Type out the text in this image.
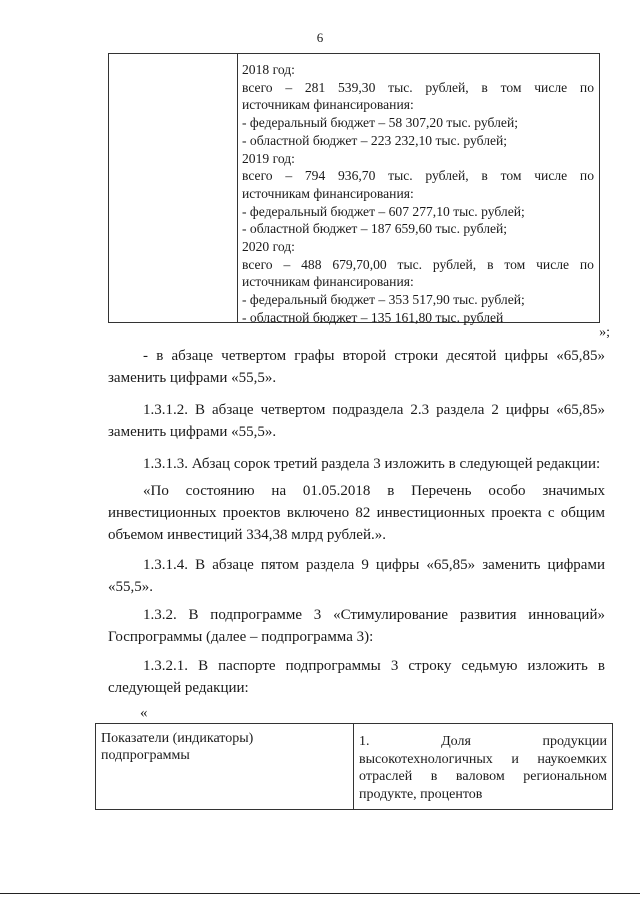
6
2018 год:
всего – 281 539,30 тыс. рублей, в том числе по
источникам финансирования:
- федеральный бюджет – 58 307,20 тыс. рублей;
- областной бюджет – 223 232,10 тыс. рублей;
2019 год:
всего – 794 936,70 тыс. рублей, в том числе по
источникам финансирования:
- федеральный бюджет – 607 277,10 тыс. рублей;
- областной бюджет – 187 659,60 тыс. рублей;
2020 год:
всего – 488 679,70,00 тыс. рублей, в том числе по
источникам финансирования:
- федеральный бюджет – 353 517,90 тыс. рублей;
- областной бюджет – 135 161,80 тыс. рублей
»;
- в абзаце четвертом графы второй строки десятой цифры «65,85» заменить цифрами «55,5».
1.3.1.2. В абзаце четвертом подраздела 2.3 раздела 2 цифры «65,85» заменить цифрами «55,5».
1.3.1.3. Абзац сорок третий раздела 3 изложить в следующей редакции:
«По состоянию на 01.05.2018 в Перечень особо значимых инвестиционных проектов включено 82 инвестиционных проекта с общим объемом инвестиций 334,38 млрд рублей.».
1.3.1.4. В абзаце пятом раздела 9 цифры «65,85» заменить цифрами «55,5».
1.3.2. В подпрограмме 3 «Стимулирование развития инноваций» Госпрограммы (далее – подпрограмма 3):
1.3.2.1. В паспорте подпрограммы 3 строку седьмую изложить в следующей редакции:
«
Показатели (индикаторы)
подпрограммы
1.	Доля	продукции
высокотехнологичных и наукоемких
отраслей в валовом региональном
продукте, процентов
